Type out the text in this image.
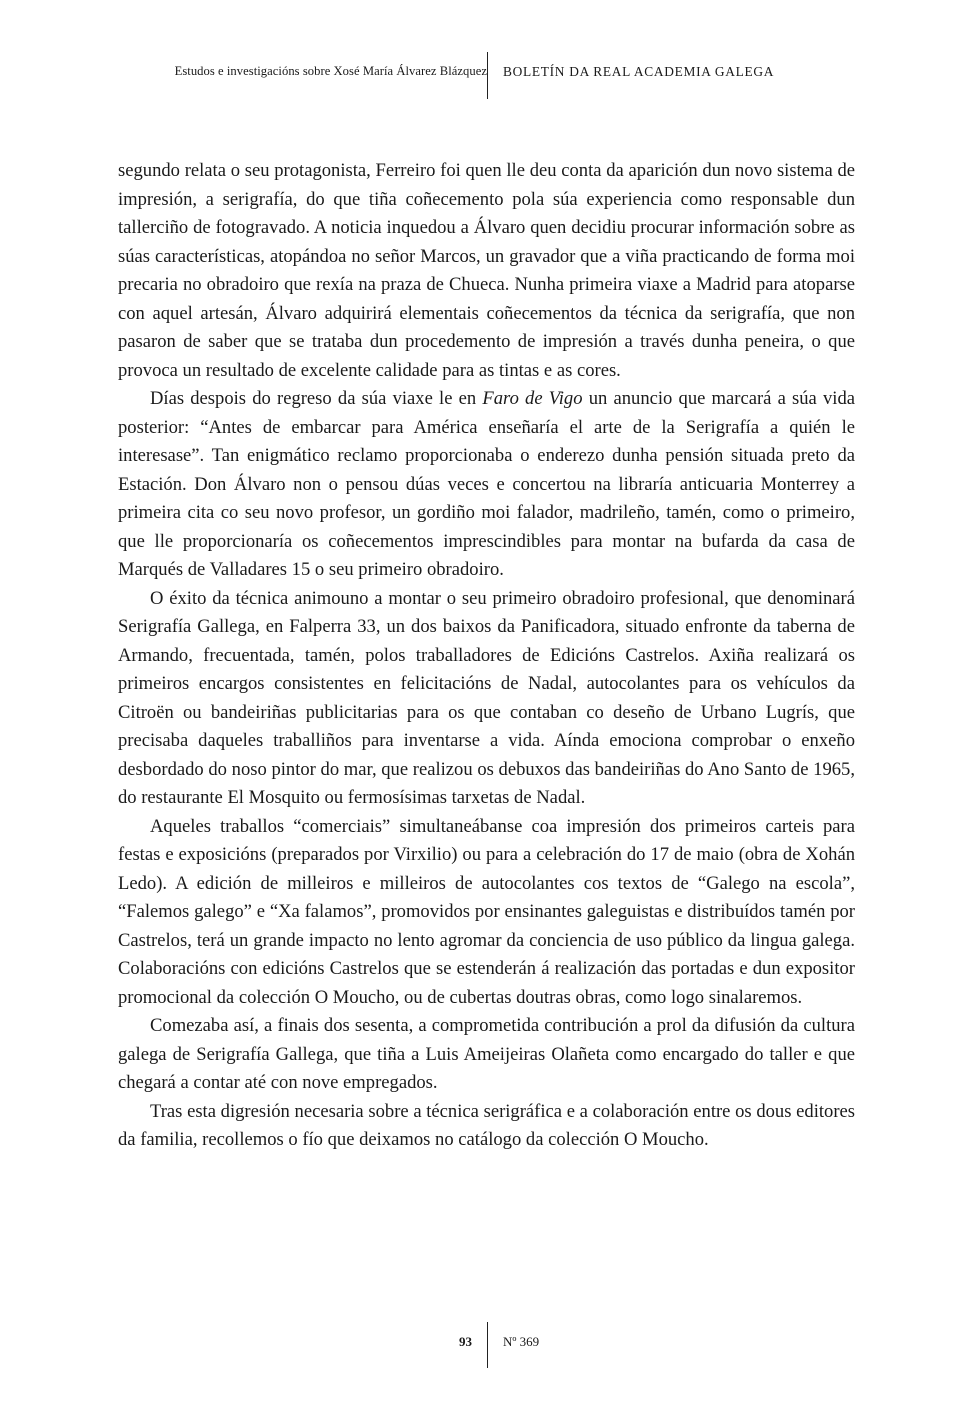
Estudos e investigacións sobre Xosé María Álvarez Blázquez BOLETÍN DA REAL ACADEMIA GALEGA

segundo relata o seu protagonista, Ferreiro foi quen lle deu conta da aparición dun novo sistema de impresión, a serigrafía, do que tiña coñecemento pola súa experiencia como responsable dun tallerciño de fotogravado. A noticia inquedou a Álvaro quen decidiu procurar información sobre as súas características, atopándoa no señor Marcos, un gravador que a viña practicando de forma moi precaria no obradoiro que rexía na praza de Chueca. Nunha primeira viaxe a Madrid para atoparse con aquel artesán, Álvaro adquirirá elementais coñecementos da técnica da serigrafía, que non pasaron de saber que se trataba dun procedemento de impresión a través dunha peneira, o que provoca un resultado de excelente calidade para as tintas e as cores.

Días despois do regreso da súa viaxe le en Faro de Vigo un anuncio que marcará a súa vida posterior: “Antes de embarcar para América enseñaría el arte de la Serigrafía a quién le interesase”. Tan enigmático reclamo proporcionaba o enderezo dunha pensión situada preto da Estación. Don Álvaro non o pensou dúas veces e concertou na libraría anticuaria Monterrey a primeira cita co seu novo profesor, un gordiño moi falador, madrileño, tamén, como o primeiro, que lle proporcionaría os coñecementos imprescindibles para montar na bufarda da casa de Marqués de Valladares 15 o seu primeiro obradoiro.

O éxito da técnica animouno a montar o seu primeiro obradoiro profesional, que denominará Serigrafía Gallega, en Falperra 33, un dos baixos da Panificadora, situado enfronte da taberna de Armando, frecuentada, tamén, polos traballadores de Edicións Castrelos. Axiña realizará os primeiros encargos consistentes en felicitacións de Nadal, autocolantes para os vehículos da Citroën ou bandeiriñas publicitarias para os que contaban co deseño de Urbano Lugrís, que precisaba daqueles traballiños para inventarse a vida. Aínda emociona comprobar o enxeño desbordado do noso pintor do mar, que realizou os debuxos das bandeiriñas do Ano Santo de 1965, do restaurante El Mosquito ou fermosísimas tarxetas de Nadal.

Aqueles traballos “comerciais” simultaneábanse coa impresión dos primeiros carteis para festas e exposicións (preparados por Virxilio) ou para a celebración do 17 de maio (obra de Xohán Ledo). A edición de milleiros e milleiros de autocolantes cos textos de “Galego na escola”, “Falemos galego” e “Xa falamos”, promovidos por ensinantes galeguistas e distribuídos tamén por Castrelos, terá un grande impacto no lento agromar da conciencia de uso público da lingua galega. Colaboracións con edicións Castrelos que se estenderán á realización das portadas e dun expositor promocional da colección O Moucho, ou de cubertas doutras obras, como logo sinalaremos.

Comezaba así, a finais dos sesenta, a comprometida contribución a prol da difusión da cultura galega de Serigrafía Gallega, que tiña a Luis Ameijeiras Olañeta como encargado do taller e que chegará a contar até con nove empregados.

Tras esta digresión necesaria sobre a técnica serigráfica e a colaboración entre os dous editores da familia, recollemos o fío que deixamos no catálogo da colección O Moucho.

93 Nº 369
